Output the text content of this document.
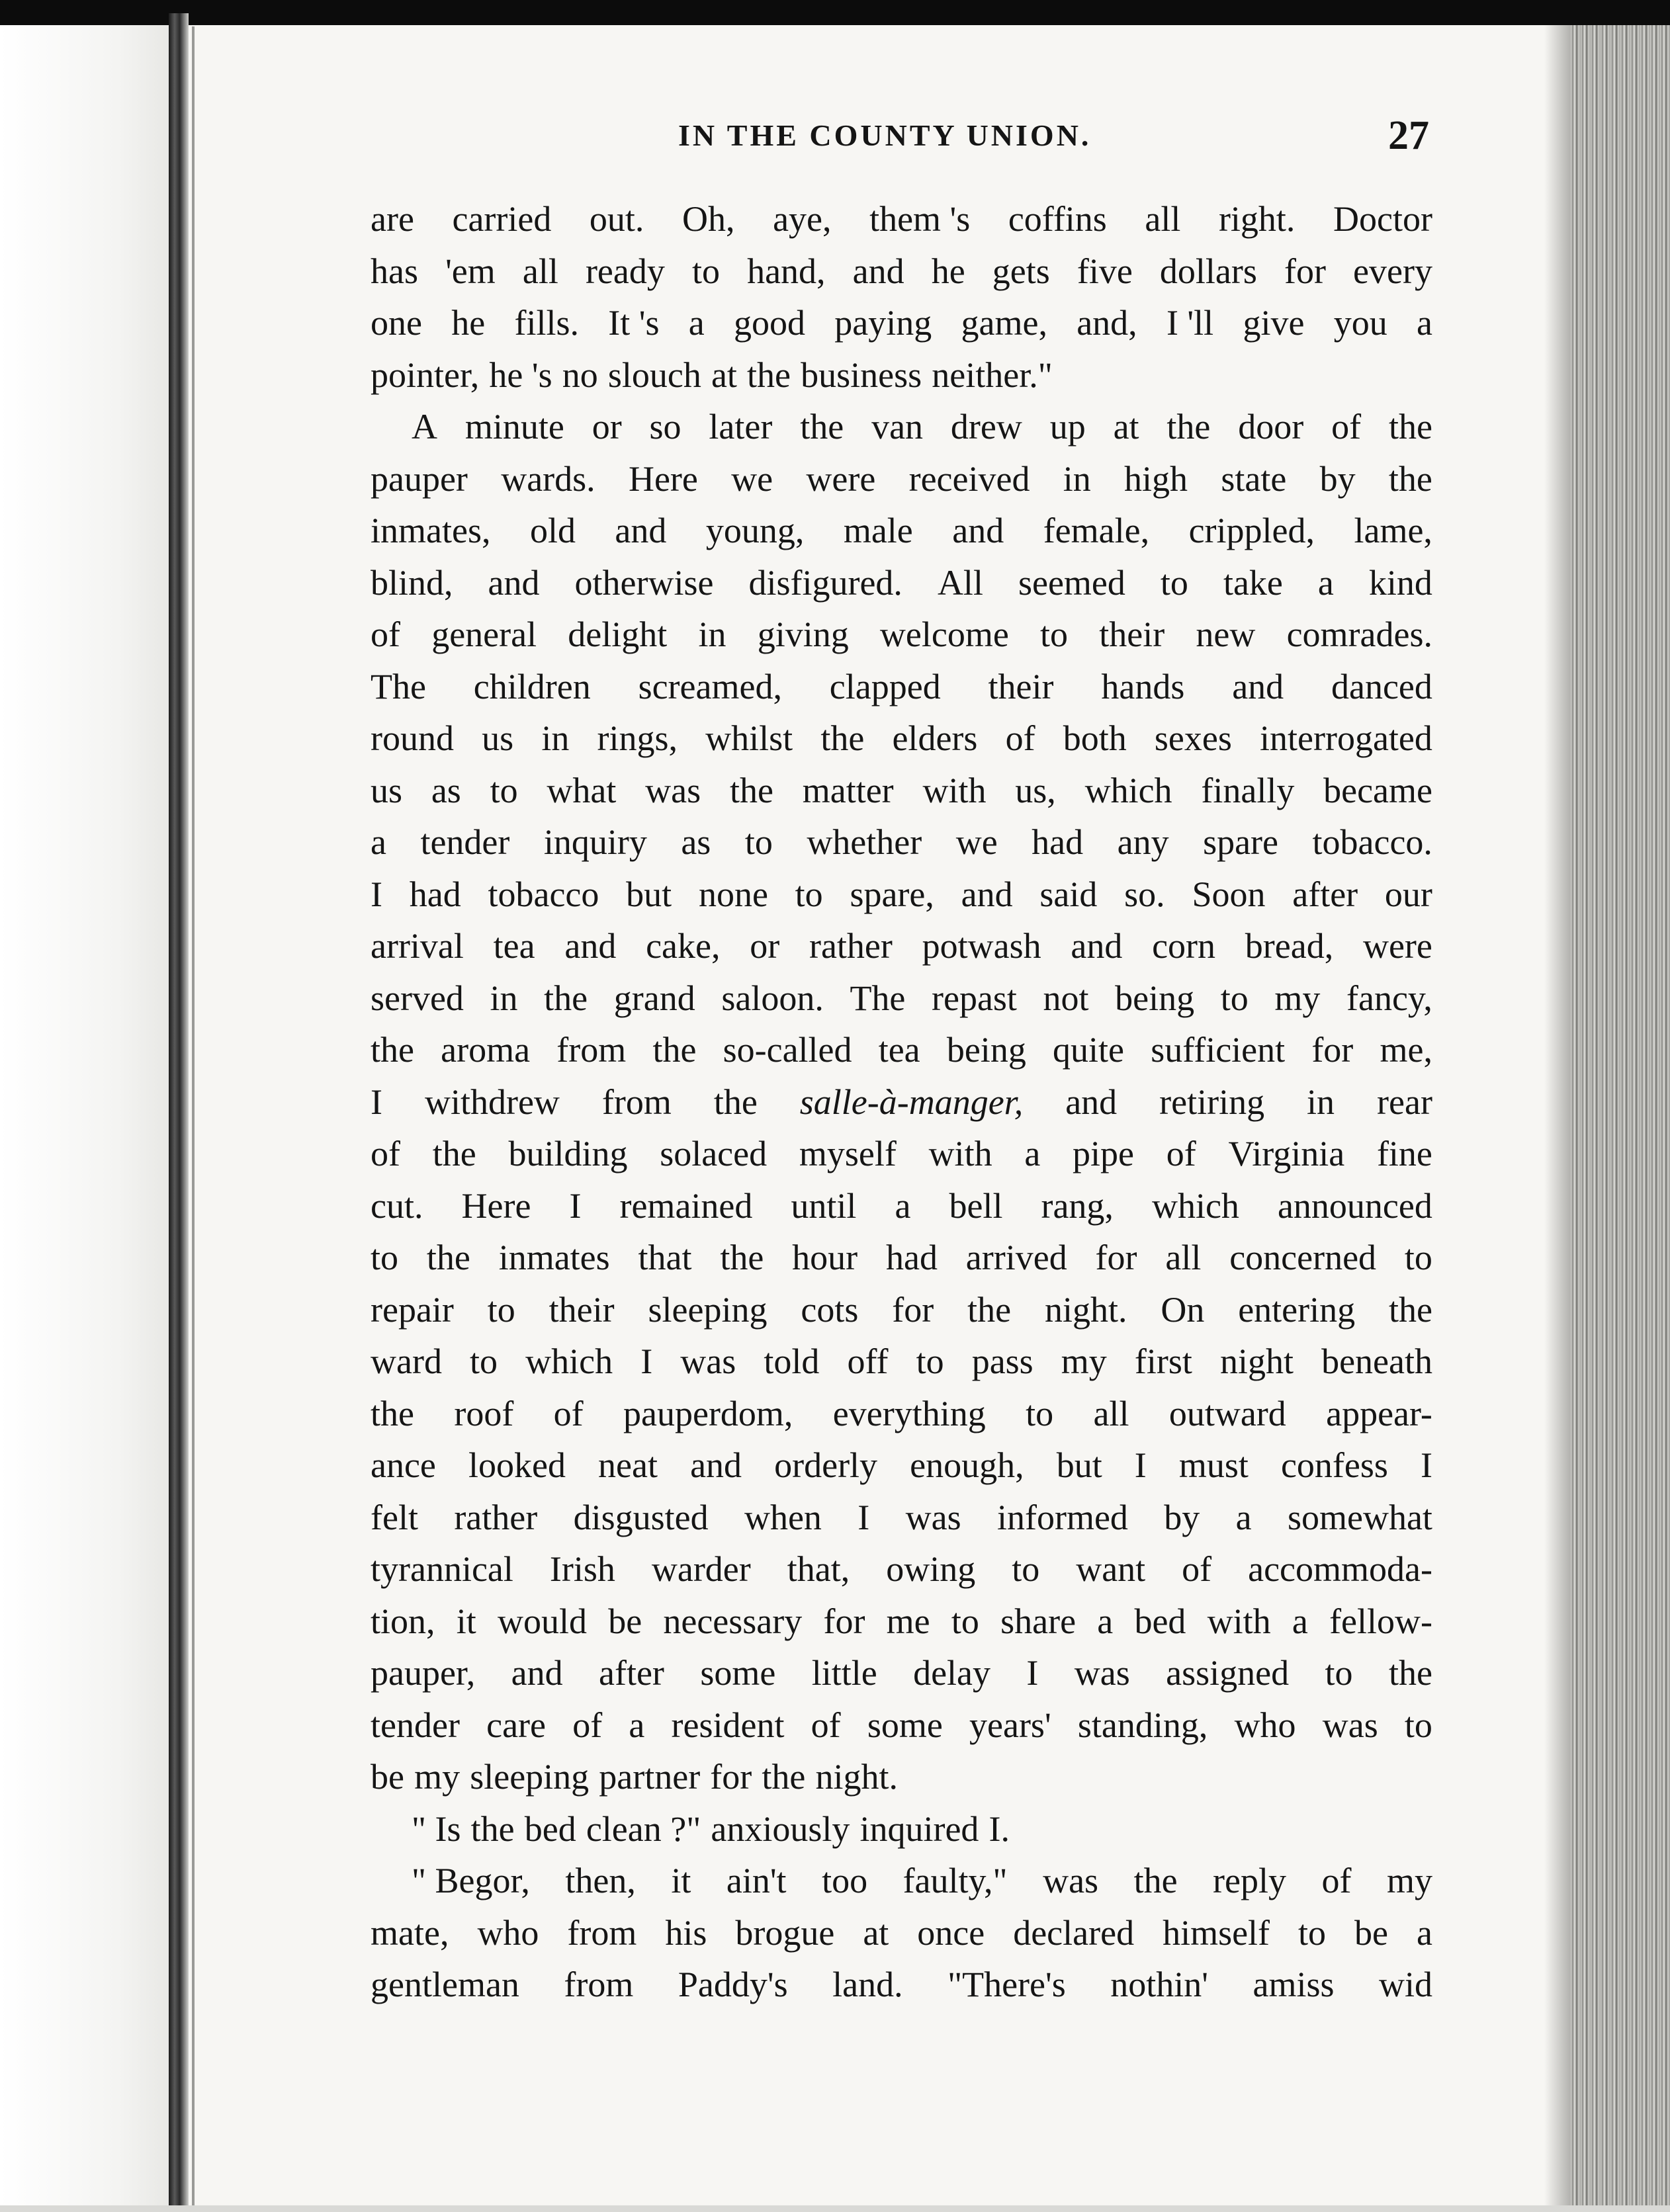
IN THE COUNTY UNION.	27
are carried out. Oh, aye, them 's coffins all right. Doctor
has 'em all ready to hand, and he gets five dollars for every
one he fills. It 's a good paying game, and, I 'll give you a
pointer, he 's no slouch at the business neither."
A minute or so later the van drew up at the door of the
pauper wards. Here we were received in high state by the
inmates, old and young, male and female, crippled, lame,
blind, and otherwise disfigured. All seemed to take a kind
of general delight in giving welcome to their new comrades.
The children screamed, clapped their hands and danced
round us in rings, whilst the elders of both sexes interrogated
us as to what was the matter with us, which finally became
a tender inquiry as to whether we had any spare tobacco.
I had tobacco but none to spare, and said so. Soon after our
arrival tea and cake, or rather potwash and corn bread, were
served in the grand saloon. The repast not being to my fancy,
the aroma from the so-called tea being quite sufficient for me,
I withdrew from the salle-à-manger, and retiring in rear
of the building solaced myself with a pipe of Virginia fine
cut. Here I remained until a bell rang, which announced
to the inmates that the hour had arrived for all concerned to
repair to their sleeping cots for the night. On entering the
ward to which I was told off to pass my first night beneath
the roof of pauperdom, everything to all outward appear-
ance looked neat and orderly enough, but I must confess I
felt rather disgusted when I was informed by a somewhat
tyrannical Irish warder that, owing to want of accommoda-
tion, it would be necessary for me to share a bed with a fellow-
pauper, and after some little delay I was assigned to the
tender care of a resident of some years' standing, who was to
be my sleeping partner for the night.
" Is the bed clean ?" anxiously inquired I.
" Begor, then, it ain't too faulty," was the reply of my
mate, who from his brogue at once declared himself to be a
gentleman from Paddy's land. "There's nothin' amiss wid
